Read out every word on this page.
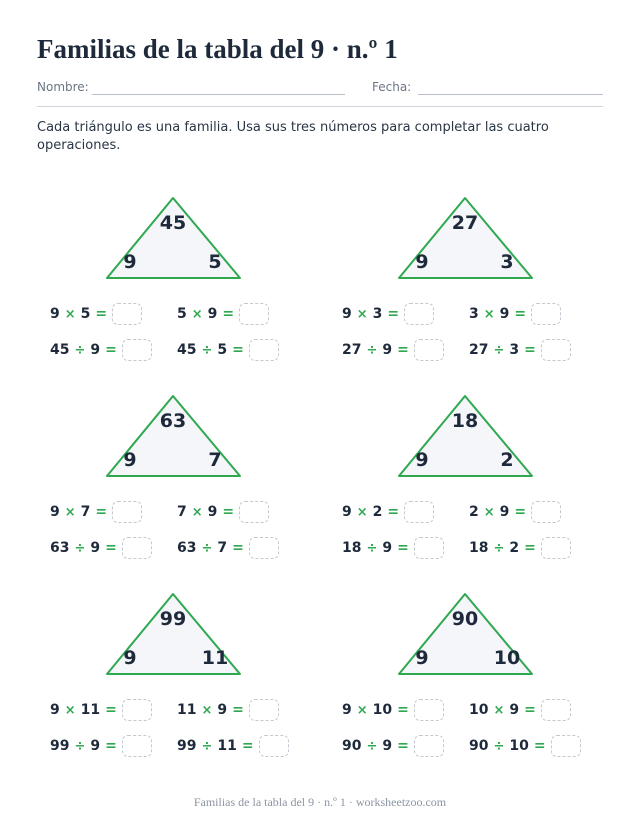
Familias de la tabla del 9 · n.º 1
Nombre:	Fecha:
Cada triángulo es una familia. Usa sus tres números para completar las cuatro operaciones.
45
9	5
9 × 5 =	5 × 9 =
45 ÷ 9 =	45 ÷ 5 =
27
9	3
9 × 3 =	3 × 9 =
27 ÷ 9 =	27 ÷ 3 =
63
9	7
9 × 7 =	7 × 9 =
63 ÷ 9 =	63 ÷ 7 =
18
9	2
9 × 2 =	2 × 9 =
18 ÷ 9 =	18 ÷ 2 =
99
9	11
9 × 11 =	11 × 9 =
99 ÷ 9 =	99 ÷ 11 =
90
9	10
9 × 10 =	10 × 9 =
90 ÷ 9 =	90 ÷ 10 =
Familias de la tabla del 9 · n.º 1 · worksheetzoo.com
